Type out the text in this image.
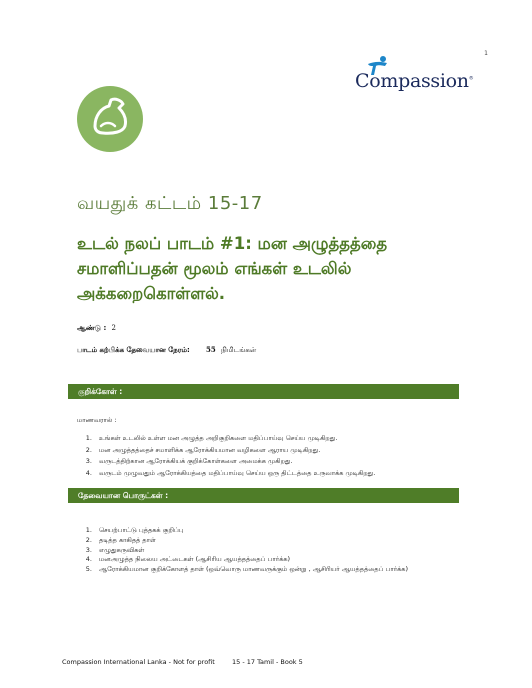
1
Compassion®
வயதுக் கட்டம் 15-17
உடல் நலப் பாடம் #1: மன அழுத்தத்தை
சமாளிப்பதன் மூலம் எங்கள் உடலில்
அக்கறைகொள்ளல்.
ஆண்டு : 2
பாடம் கற்பிக்க தேவையான நேரம்: 55 நிமிடங்கள்
குறிக்கோள் :
மாணவரால் :
1. உங்கள் உடலில் உள்ள மன அழுத்த அறிகுறிகளை மதிப்பாய்வு செய்ய முடிகிறது.
2. மன அழுத்தத்தைச் சமாளிக்க ஆரோக்கியமான வழிகளை ஆராய முடிகிறது.
3. வருடத்திற்கான ஆரோக்கியக் குறிக்கோள்களை அமைக்க முகிறது.
4. வருடம் முழுவதும் ஆரோக்கியத்தை மதிப்பாய்வு செய்ய ஒரு திட்டத்தை உருவாக்க முடிகிறது.
தேவையான பொருட்கள் :
1. செயற்பாட்டு புத்தகக் குறிப்பு
2. தடித்த காகிதத் தாள்
3. எழுதுகருவிகள்
4. மனஅழுத்த நிலைய அட்டைகள் (ஆசிரிய ஆயத்தத்தைப் பார்க்க)
5. ஆரோக்கியமான குறிக்கோளத் தாள் (ஒவ்வொரு மாணவருக்கும் ஒன்று , ஆசிரியர் ஆயத்தத்தைப் பார்க்க)
Compassion International Lanka - Not for profit	15 - 17 Tamil - Book 5
